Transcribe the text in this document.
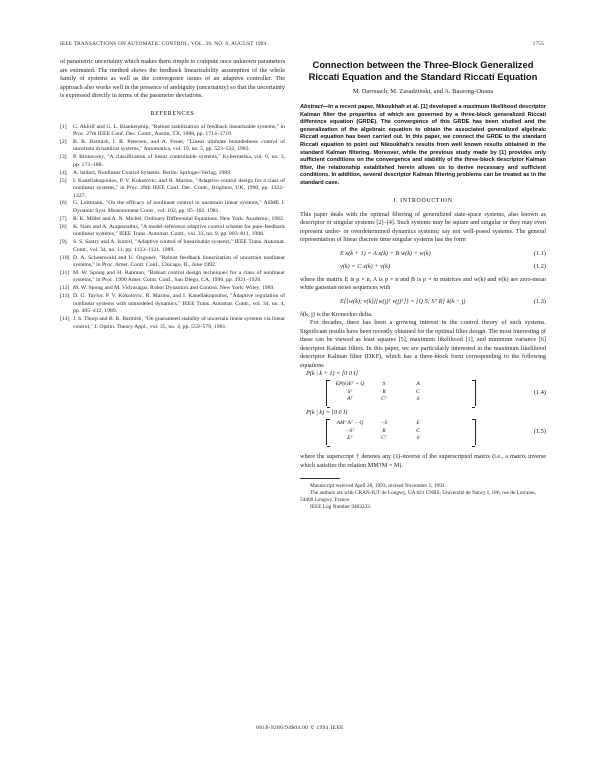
IEEE TRANSACTIONS ON AUTOMATIC CONTROL, VOL. 39, NO. 8, AUGUST 1994	1755

of parametric uncertainty which makes them simple to compute once unknown parameters are estimated. The method shows the feedback linearizability assumption of the whole family of systems as well as the convergence issues of an adaptive controller. The approach also works well in the presence of ambiguity (uncertainty) so that the uncertainty is expressed directly in terms of the parameter deviations.

REFERENCES
[1]	G. Akhrif and G. L. Blankenship, "Robust stabilization of feedback linearizable systems," in Proc. 27th IEEE Conf. Dec. Contr., Austin, TX, 1988, pp. 1714–1719.
[2]	B. R. Barmish, I. R. Petersen, and A. Feuer, "Linear ultimate boundedness control of uncertain dynamical systems," Automatica, vol. 19, no. 5, pp. 523–532, 1983.
[3]	P. Brunovsky, "A classification of linear controllable systems," Kybernetika, vol. 6, no. 3, pp. 173–188.
[4]	A. Isidori, Nonlinear Control Systems. Berlin: Springer-Verlag, 1989.
[5]	I. Kanellakopoulos, P. V. Kokotovic, and R. Marino, "Adaptive control design for a class of nonlinear systems," in Proc. 29th IEEE Conf. Dec. Contr., Brighton, UK, 1990, pp. 1322–1327.
[6]	G. Leitmann, "On the efficacy of nonlinear control in uncertain linear systems," ASME J. Dynamic Syst. Measurement Contr., vol. 102, pp. 95–102, 1981.
[7]	R. K. Miller and A. N. Michel, Ordinary Differential Equations. New York: Academic, 1982.
[8]	K. Nam and A. Arapostathis, "A model-reference adaptive control scheme for pure-feedback nonlinear systems," IEEE Trans. Automat. Contr., vol. 33, no. 9, pp. 803–811, 1988.
[9]	S. S. Sastry and A. Isidori, "Adaptive control of linearizable systems," IEEE Trans. Automat. Contr., vol. 34, no. 11, pp. 1123–1131, 1989.
[10] D. A. Schoenwald and U. Ozguner, "Robust feedback linearization of uncertain nonlinear systems," in Proc. Amer. Contr. Conf., Chicago, IL, June 1992.
[11] M. W. Spong and H. Rahman, "Robust control design techniques for a class of nonlinear systems," in Proc. 1990 Amer. Contr. Conf., San Diego, CA, 1990, pp. 1921–1926.
[12] M. W. Spong and M. Vidyasagar, Robot Dynamics and Control. New York: Wiley, 1989.
[13] D. G. Taylor, P. V. Kokotovic, R. Marino, and I. Kanellakopoulos, "Adaptive regulation of nonlinear systems with unmodeled dynamics," IEEE Trans. Automat. Contr., vol. 34, no. 4, pp. 405–412, 1989.
[14] J. S. Thorp and B. R. Barmish, "On guaranteed stability of uncertain linear systems via linear control," J. Optim. Theory Appl., vol. 35, no. 4, pp. 559–579, 1981.
Connection between the Three-Block Generalized
Riccati Equation and the Standard Riccati Equation
M. Darouach, M. Zasadzinski, and A. Bassong-Onana

Abstract—In a recent paper, Nikoukhah et al. [1] developed a maximum likelihood descriptor Kalman filter the properties of which are governed by a three-block generalized Riccati difference equation (GRDE). The convergence of this GRDE has been studied and the generalization of the algebraic equation to obtain the associated generalized algebraic Riccati equation has been carried out. In this paper, we connect the GRDE to the standard Riccati equation to point out Nikoukhah's results from well known results obtained in the standard Kalman filtering. Moreover, while the previous study made by [1] provides only sufficient conditions on the convergence and stability of the three-block descriptor Kalman filter, the relationship established herein allows us to derive necessary and sufficient conditions. In addition, several descriptor Kalman filtering problems can be treated as in the standard case.

I. INTRODUCTION

This paper deals with the optimal filtering of generalized state-space systems, also known as descriptor or singular systems [2]–[4]. Such systems may be square and singular or they may even represent under- or overdetermined dynamics systems; say not well-posed systems. The general representation of linear discrete time singular systems has the form

E x(k + 1) = A x(k) + B w(k) + w(k)	(1.1)
y(k) = C x(k) + v(k)	(1.2)

where the matrix E is p × n, A is p × n and B is p × m matrices and w(k) and v(k) are zero-mean white gaussian noise sequences with

E{[w(k); v(k)][w(j)ᵀ v(j)ᵀ]} = [Q S; Sᵀ R] δ(k − j)	(1.3)

δ(k, j) is the Kronecker delta.

For decades, there has been a growing interest in the control theory of such systems. Significant results have been recently obtained for the optimal filter design. The most interesting of these can be viewed as least squares [5], maximum likelihood [1], and minimum variance [6] descriptor Kalman filters. In this paper, we are particularly interested in the maximum likelihood descriptor Kalman filter (DKF), which has a three-block form corresponding to the following equations

P(k | k + 1) = [0 0 I]
EP(k)Eᵀ + Q	S	A
Sᵀ	R	C
Aᵀ	Cᵀ	0
(1.4)
P(k | k) = [0 0 I]
AM⁻Aᵀ − Q	−S	E
−Sᵀ	R	C
Eᵀ	Cᵀ	0
(1.5)

where the superscript † denotes any (1)-inverse of the superscripted matrix (i.e., a matrix inverse which satisfies the relation MM†M = M).

Manuscript received April 28, 1993; revised November 5, 1993.

The authors are with CRAN-IUT de Longwy, UA 821 CNRS, Université de Nancy I, 186, rue de Lorraine, 54400 Longwy, France.

IEEE Log Number 9403233.

0018-9286/94$04.00 © 1994 IEEE
